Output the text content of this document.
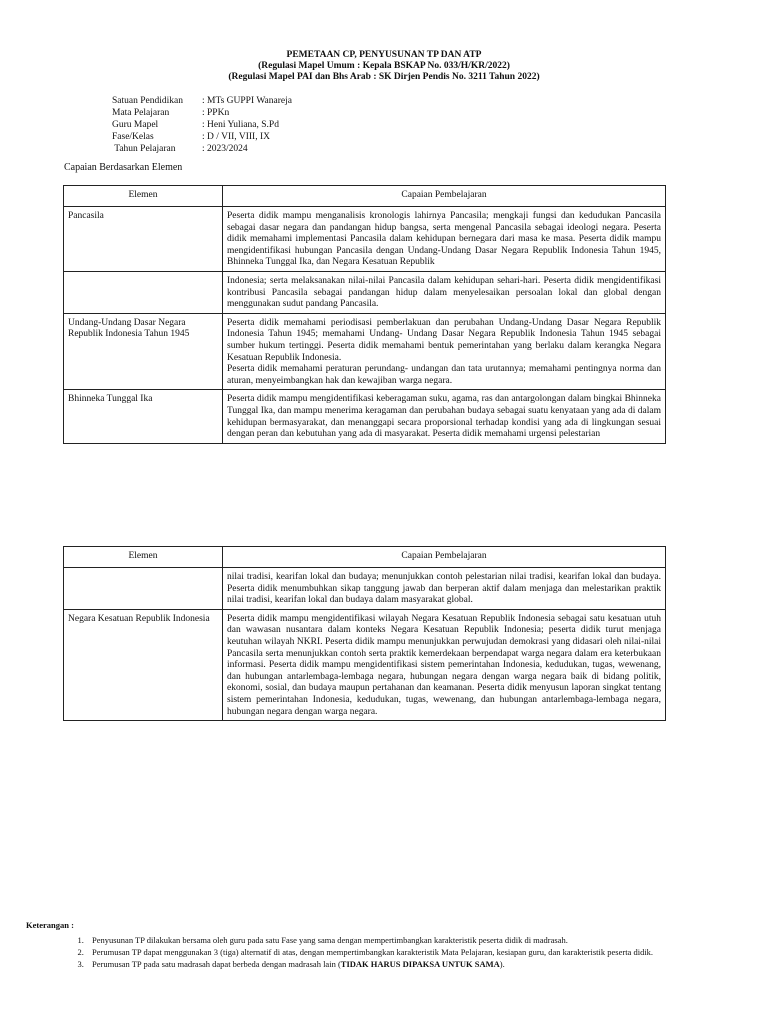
PEMETAAN CP, PENYUSUNAN TP DAN ATP
(Regulasi Mapel Umum : Kepala BSKAP No. 033/H/KR/2022)
(Regulasi Mapel PAI dan Bhs Arab : SK Dirjen Pendis No. 3211 Tahun 2022)
Satuan Pendidikan	: MTs GUPPI Wanareja
Mata Pelajaran	: PPKn
Guru Mapel	: Heni Yuliana, S.Pd
Fase/Kelas	: D / VII, VIII, IX
Tahun Pelajaran	: 2023/2024
Capaian Berdasarkan Elemen
Elemen	Capaian Pembelajaran
Pancasila	Peserta didik mampu menganalisis kronologis lahirnya Pancasila; mengkaji fungsi dan kedudukan Pancasila sebagai dasar negara dan pandangan hidup bangsa, serta mengenal Pancasila sebagai ideologi negara. Peserta didik memahami implementasi Pancasila dalam kehidupan bernegara dari masa ke masa. Peserta didik mampu mengidentifikasi hubungan Pancasila dengan Undang-Undang Dasar Negara Republik Indonesia Tahun 1945, Bhinneka Tunggal Ika, dan Negara Kesatuan Republik
	Indonesia; serta melaksanakan nilai-nilai Pancasila dalam kehidupan sehari-hari. Peserta didik mengidentifikasi kontribusi Pancasila sebagai pandangan hidup dalam menyelesaikan persoalan lokal dan global dengan menggunakan sudut pandang Pancasila.
Undang-Undang Dasar Negara Republik Indonesia Tahun 1945	Peserta didik memahami periodisasi pemberlakuan dan perubahan Undang-Undang Dasar Negara Republik Indonesia Tahun 1945; memahami Undang- Undang Dasar Negara Republik Indonesia Tahun 1945 sebagai sumber hukum tertinggi. Peserta didik memahami bentuk pemerintahan yang berlaku dalam kerangka Negara Kesatuan Republik Indonesia.
Peserta didik memahami peraturan perundang- undangan dan tata urutannya; memahami pentingnya norma dan aturan, menyeimbangkan hak dan kewajiban warga negara.

Bhinneka Tunggal Ika	Peserta didik mampu mengidentifikasi keberagaman suku, agama, ras dan antargolongan dalam bingkai Bhinneka Tunggal Ika, dan mampu menerima keragaman dan perubahan budaya sebagai suatu kenyataan yang ada di dalam kehidupan bermasyarakat, dan menanggapi secara proporsional terhadap kondisi yang ada di lingkungan sesuai dengan peran dan kebutuhan yang ada di masyarakat. Peserta didik memahami urgensi pelestarian
Elemen	Capaian Pembelajaran
	nilai tradisi, kearifan lokal dan budaya; menunjukkan contoh pelestarian nilai tradisi, kearifan lokal dan budaya. Peserta didik menumbuhkan sikap tanggung jawab dan berperan aktif dalam menjaga dan melestarikan praktik nilai tradisi, kearifan lokal dan budaya dalam masyarakat global.
Negara Kesatuan Republik Indonesia	Peserta didik mampu mengidentifikasi wilayah Negara Kesatuan Republik Indonesia sebagai satu kesatuan utuh dan wawasan nusantara dalam konteks Negara Kesatuan Republik Indonesia; peserta didik turut menjaga keutuhan wilayah NKRI. Peserta didik mampu menunjukkan perwujudan demokrasi yang didasari oleh nilai-nilai Pancasila serta menunjukkan contoh serta praktik kemerdekaan berpendapat warga negara dalam era keterbukaan informasi. Peserta didik mampu mengidentifikasi sistem pemerintahan Indonesia, kedudukan, tugas, wewenang, dan hubungan antarlembaga-lembaga negara, hubungan negara dengan warga negara baik di bidang politik, ekonomi, sosial, dan budaya maupun pertahanan dan keamanan. Peserta didik menyusun laporan singkat tentang sistem pemerintahan Indonesia, kedudukan, tugas, wewenang, dan hubungan antarlembaga-lembaga negara, hubungan negara dengan warga negara.
Keterangan :
1. Penyusunan TP dilakukan bersama oleh guru pada satu Fase yang sama dengan mempertimbangkan karakteristik peserta didik di madrasah.
2. Perumusan TP dapat menggunakan 3 (tiga) alternatif di atas, dengan mempertimbangkan karakteristik Mata Pelajaran, kesiapan guru, dan karakteristik peserta didik.
3. Perumusan TP pada satu madrasah dapat berbeda dengan madrasah lain (TIDAK HARUS DIPAKSA UNTUK SAMA).
